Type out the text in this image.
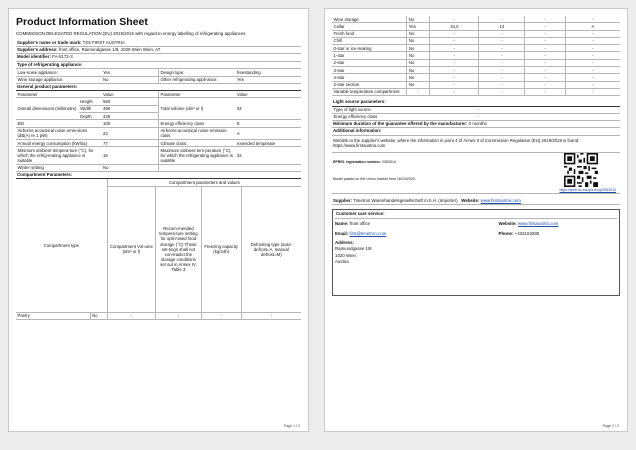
Product Information Sheet
COMMISSION DELEGATED REGULATION (EU) 2019/2016 with regard to energy labelling of refrigerating appliances
Supplier's name or trade mark: TZS FIRST AUSTRIA
Supplier's address: front office, Raimundgasse 1/8, 1020 Wien Wien, AT
Model identifier: FA-5172-3
Type of refrigerating appliance:
Low-noise appliance:	Yes	Design type:	freestanding
Wine storage appliance:	No	Other refrigerating appli-ance:	Yes
General product parameters:
Parameter		Value	Parameter	Value
Overall dimensions (millimetre)	Height	560	Total volume (dm³ or l)	34
	Width	490		
	Depth	425		
EEI		100	Energy efficiency class	E
Airborne acoustical noise emis-sions (dB(A) re 1 pW)		22	Airborne acoustical noise emission class	A
Annual energy consumption (kWh/a)		77	Climate class:	extended temperate
Minimum ambient tempera-ture (°C), for which the refrig-erating appliance is suitable		16	Maximum ambient tem-perature (°C), for which the refrigerating appliance is suitable	32
Winter setting		No		
Compartment Parameters:
Compartment type		Compartment parameters and values			
		Compartment Vol-ume (dm³ or l)	Recom-mended tempera-ture setting for opti-mised food storage (°C) These set-tings shall not con-tradict the storage conditions set out in Annex IV, Table 3	Freezing capacity (kg/24h)	Defrosting type (auto-defrost=A, manual defrost=M)
Pantry	No	-	-	-	-
Page 1 / 2
Wine storage	No	-	-	-	-
Cellar	Yes	34,0	14	-	A
Fresh food	No	-	-	-	-
Chill	No	-	-	-	-
0-star or ice-making	No	-	-	-	-
1-star	No	-	-	-	-
2-star	No	-	-	-	-
3-star	No	-	-	-	-
4-star	No	-	-	-	-
2-star section	No	-	-	-	-
Variable temperature compartment	-	-	-	-	-
Light source parameters:
Type of light source	-
Energy efficiency class	-
Minimum duration of the guarantee offered by the manufacturer: 0 months
Additional information:
Weblink to the supplier's website, where the information in point 4 of Annex II of Commission Regulation (EU) 2019/2019 is found: https://www.firstaustria.com
EPREL registration number: 2063014
Model placed on the Union market from 16/10/2023.
https://eprel.ec.europa.eu/qr/2063014
Supplier: Timetron Warenhandelsgesellschaft m.b.H. (Importer) Website: www.firstaustria.com
Customer care service:
Name: front office	Website: www.firstaustria.com
Email: first@timetron.com	Phone: +432163280
Address:
Raimundgasse 1/8
1020 Wien
Austria
Page 2 / 2
